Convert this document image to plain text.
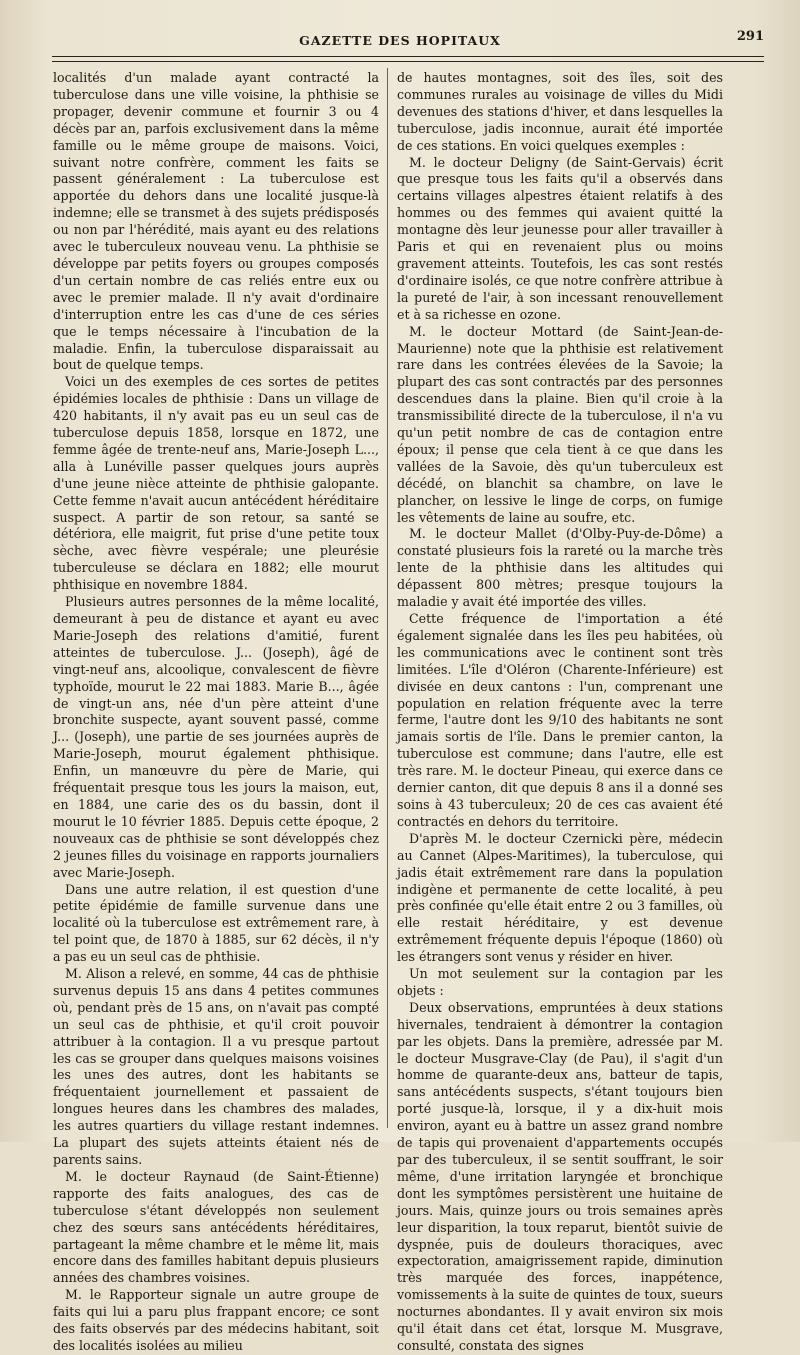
GAZETTE DES HOPITAUX	291

localités d'un malade ayant contracté la tuberculose dans une ville voisine, la phthisie se propager, devenir commune et fournir 3 ou 4 décès par an, parfois exclusivement dans la même famille ou le même groupe de maisons. Voici, suivant notre confrère, comment les faits se passent généralement : La tuberculose est apportée du dehors dans une localité jusque-là indemne; elle se transmet à des sujets prédisposés ou non par l'hérédité, mais ayant eu des relations avec le tuberculeux nouveau venu. La phthisie se développe par petits foyers ou groupes composés d'un certain nombre de cas reliés entre eux ou avec le premier malade. Il n'y avait d'ordinaire d'interruption entre les cas d'une de ces séries que le temps nécessaire à l'incubation de la maladie. Enfin, la tuberculose disparaissait au bout de quelque temps.

Voici un des exemples de ces sortes de petites épidémies locales de phthisie : Dans un village de 420 habitants, il n'y avait pas eu un seul cas de tuberculose depuis 1858, lorsque en 1872, une femme âgée de trente-neuf ans, Marie-Joseph L..., alla à Lunéville passer quelques jours auprès d'une jeune nièce atteinte de phthisie galopante. Cette femme n'avait aucun antécédent héréditaire suspect. A partir de son retour, sa santé se détériora, elle maigrit, fut prise d'une petite toux sèche, avec fièvre vespérale; une pleurésie tuberculeuse se déclara en 1882; elle mourut phthisique en novembre 1884.

Plusieurs autres personnes de la même localité, demeurant à peu de distance et ayant eu avec Marie-Joseph des relations d'amitié, furent atteintes de tuberculose. J... (Joseph), âgé de vingt-neuf ans, alcoolique, convalescent de fièvre typhoïde, mourut le 22 mai 1883. Marie B..., âgée de vingt-un ans, née d'un père atteint d'une bronchite suspecte, ayant souvent passé, comme J... (Joseph), une partie de ses journées auprès de Marie-Joseph, mourut également phthisique. Enfin, un manœuvre du père de Marie, qui fréquentait presque tous les jours la maison, eut, en 1884, une carie des os du bassin, dont il mourut le 10 février 1885. Depuis cette époque, 2 nouveaux cas de phthisie se sont développés chez 2 jeunes filles du voisinage en rapports journaliers avec Marie-Joseph.

Dans une autre relation, il est question d'une petite épidémie de famille survenue dans une localité où la tuberculose est extrêmement rare, à tel point que, de 1870 à 1885, sur 62 décès, il n'y a pas eu un seul cas de phthisie.

M. Alison a relevé, en somme, 44 cas de phthisie survenus depuis 15 ans dans 4 petites communes où, pendant près de 15 ans, on n'avait pas compté un seul cas de phthisie, et qu'il croit pouvoir attribuer à la contagion. Il a vu presque partout les cas se grouper dans quelques maisons voisines les unes des autres, dont les habitants se fréquentaient journellement et passaient de longues heures dans les chambres des malades, les autres quartiers du village restant indemnes. La plupart des sujets atteints étaient nés de parents sains.

M. le docteur Raynaud (de Saint-Étienne) rapporte des faits analogues, des cas de tuberculose s'étant développés non seulement chez des sœurs sans antécédents héréditaires, partageant la même chambre et le même lit, mais encore dans des familles habitant depuis plusieurs années des chambres voisines.

M. le Rapporteur signale un autre groupe de faits qui lui a paru plus frappant encore; ce sont des faits observés par des médecins habitant, soit des localités isolées au milieu

de hautes montagnes, soit des îles, soit des communes rurales au voisinage de villes du Midi devenues des stations d'hiver, et dans lesquelles la tuberculose, jadis inconnue, aurait été importée de ces stations. En voici quelques exemples :

M. le docteur Deligny (de Saint-Gervais) écrit que presque tous les faits qu'il a observés dans certains villages alpestres étaient relatifs à des hommes ou des femmes qui avaient quitté la montagne dès leur jeunesse pour aller travailler à Paris et qui en revenaient plus ou moins gravement atteints. Toutefois, les cas sont restés d'ordinaire isolés, ce que notre confrère attribue à la pureté de l'air, à son incessant renouvellement et à sa richesse en ozone.

M. le docteur Mottard (de Saint-Jean-de-Maurienne) note que la phthisie est relativement rare dans les contrées élevées de la Savoie; la plupart des cas sont contractés par des personnes descendues dans la plaine. Bien qu'il croie à la transmissibilité directe de la tuberculose, il n'a vu qu'un petit nombre de cas de contagion entre époux; il pense que cela tient à ce que dans les vallées de la Savoie, dès qu'un tuberculeux est décédé, on blanchit sa chambre, on lave le plancher, on lessive le linge de corps, on fumige les vêtements de laine au soufre, etc.

M. le docteur Mallet (d'Olby-Puy-de-Dôme) a constaté plusieurs fois la rareté ou la marche très lente de la phthisie dans les altitudes qui dépassent 800 mètres; presque toujours la maladie y avait été importée des villes.

Cette fréquence de l'importation a été également signalée dans les îles peu habitées, où les communications avec le continent sont très limitées. L'île d'Oléron (Charente-Inférieure) est divisée en deux cantons : l'un, comprenant une population en relation fréquente avec la terre ferme, l'autre dont les 9/10 des habitants ne sont jamais sortis de l'île. Dans le premier canton, la tuberculose est commune; dans l'autre, elle est très rare. M. le docteur Pineau, qui exerce dans ce dernier canton, dit que depuis 8 ans il a donné ses soins à 43 tuberculeux; 20 de ces cas avaient été contractés en dehors du territoire.

D'après M. le docteur Czernicki père, médecin au Cannet (Alpes-Maritimes), la tuberculose, qui jadis était extrêmement rare dans la population indigène et permanente de cette localité, à peu près confinée qu'elle était entre 2 ou 3 familles, où elle restait héréditaire, y est devenue extrêmement fréquente depuis l'époque (1860) où les étrangers sont venus y résider en hiver.

Un mot seulement sur la contagion par les objets :

Deux observations, empruntées à deux stations hivernales, tendraient à démontrer la contagion par les objets. Dans la première, adressée par M. le docteur Musgrave-Clay (de Pau), il s'agit d'un homme de quarante-deux ans, batteur de tapis, sans antécédents suspects, s'étant toujours bien porté jusque-là, lorsque, il y a dix-huit mois environ, ayant eu à battre un assez grand nombre de tapis qui provenaient d'appartements occupés par des tuberculeux, il se sentit souffrant, le soir même, d'une irritation laryngée et bronchique dont les symptômes persistèrent une huitaine de jours. Mais, quinze jours ou trois semaines après leur disparition, la toux reparut, bientôt suivie de dyspnée, puis de douleurs thoraciques, avec expectoration, amaigrissement rapide, diminution très marquée des forces, inappétence, vomissements à la suite de quintes de toux, sueurs nocturnes abondantes. Il y avait environ six mois qu'il était dans cet état, lorsque M. Musgrave, consulté, constata des signes
